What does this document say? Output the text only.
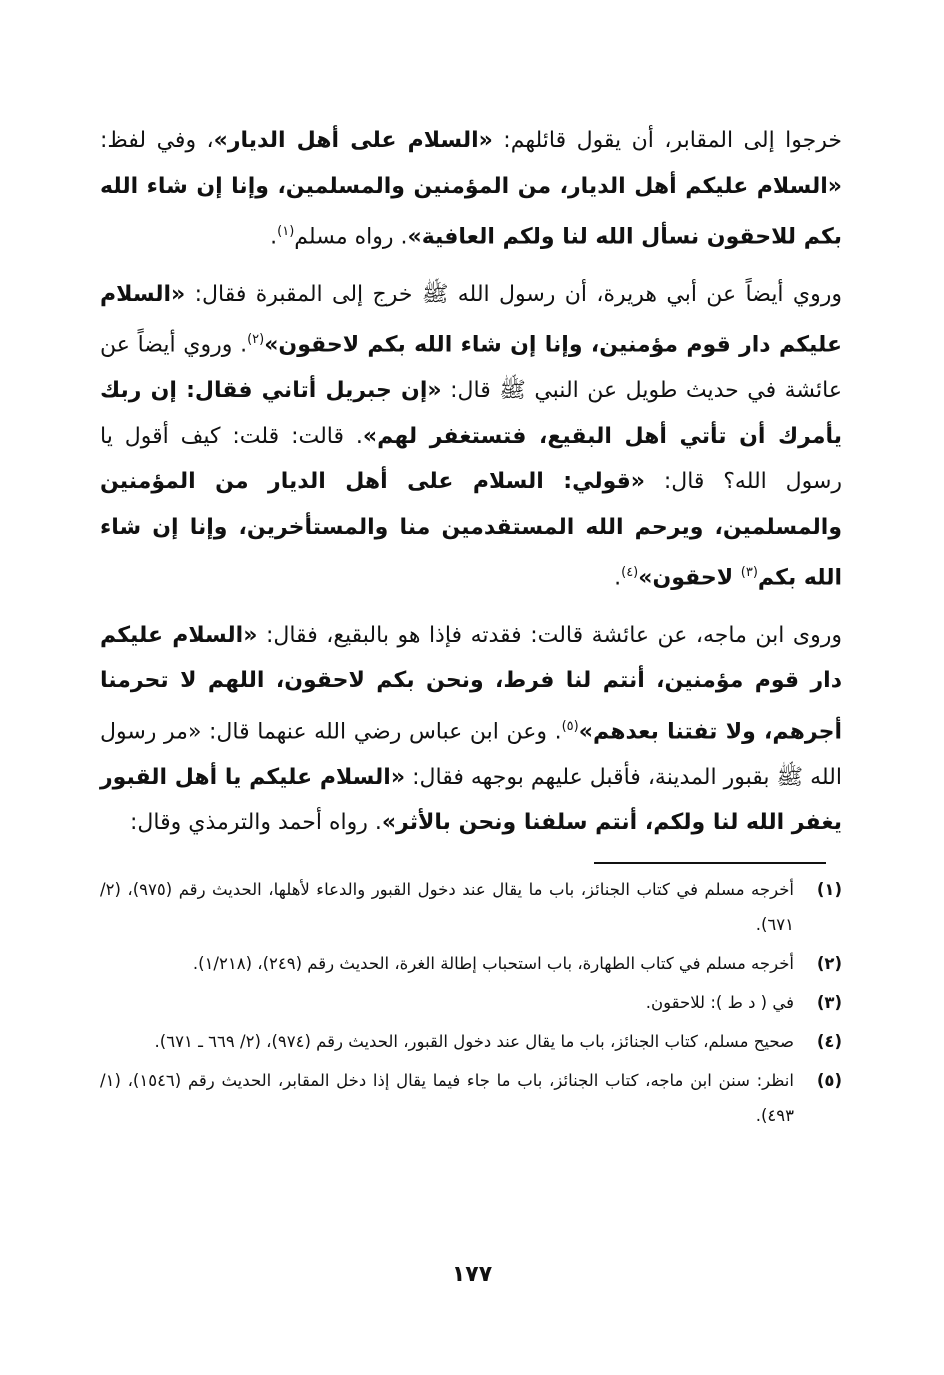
خرجوا إلى المقابر، أن يقول قائلهم: «السلام على أهل الديار»، وفي لفظ: «السلام عليكم أهل الديار، من المؤمنين والمسلمين، وإنا إن شاء الله بكم للاحقون نسأل الله لنا ولكم العافية». رواه مسلم$^{(١)}$.

وروي أيضاً عن أبي هريرة، أن رسول الله ﷺ خرج إلى المقبرة فقال: «السلام عليكم دار قوم مؤمنين، وإنا إن شاء الله بكم لاحقون»$^{(٢)}$. وروي أيضاً عن عائشة في حديث طويل عن النبي ﷺ قال: «إن جبريل أتاني فقال: إن ربك يأمرك أن تأتي أهل البقيع، فتستغفر لهم». قالت: قلت: كيف أقول يا رسول الله؟ قال: «قولي: السلام على أهل الديار من المؤمنين والمسلمين، ويرحم الله المستقدمين منا والمستأخرين، وإنا إن شاء الله بكم$^{(٣)}$ لاحقون»$^{(٤)}$.

وروى ابن ماجه، عن عائشة قالت: فقدته فإذا هو بالبقيع، فقال: «السلام عليكم دار قوم مؤمنين، أنتم لنا فرط، ونحن بكم لاحقون، اللهم لا تحرمنا أجرهم، ولا تفتنا بعدهم»$^{(٥)}$. وعن ابن عباس رضي الله عنهما قال: «مر رسول الله ﷺ بقبور المدينة، فأقبل عليهم بوجهه فقال: «السلام عليكم يا أهل القبور يغفر الله لنا ولكم، أنتم سلفنا ونحن بالأثر». رواه أحمد والترمذي وقال:

(١)
أخرجه مسلم في كتاب الجنائز، باب ما يقال عند دخول القبور والدعاء لأهلها، الحديث رقم (٩٧٥)، (٢/ ٦٧١).
(٢)
أخرجه مسلم في كتاب الطهارة، باب استحباب إطالة الغرة، الحديث رقم (٢٤٩)، (١/٢١٨).
(٣)
في ( د ط ): للاحقون.
(٤)
صحيح مسلم، كتاب الجنائز، باب ما يقال عند دخول القبور، الحديث رقم (٩٧٤)، (٢/ ٦٦٩ ـ ٦٧١).
(٥)
انظر: سنن ابن ماجه، كتاب الجنائز، باب ما جاء فيما يقال إذا دخل المقابر، الحديث رقم (١٥٤٦)، (١/ ٤٩٣).
١٧٧
